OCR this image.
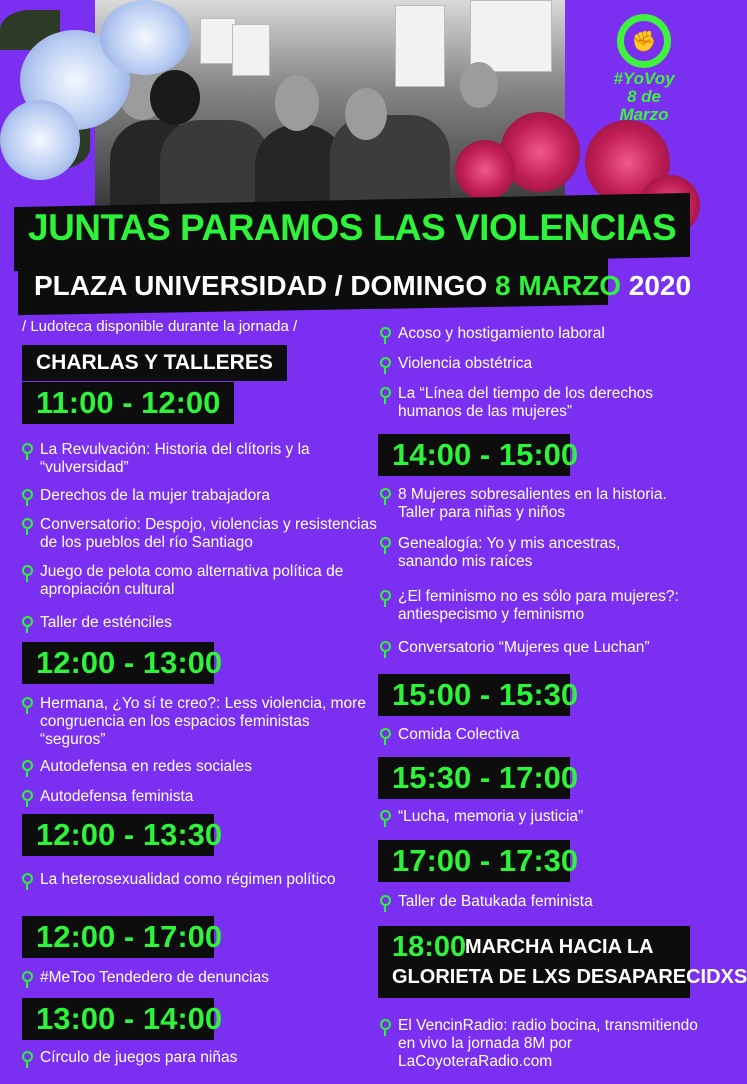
✊
#YoVoy
8 de
Marzo
JUNTAS PARAMOS LAS VIOLENCIAS
PLAZA UNIVERSIDAD / DOMINGO 8 MARZO 2020
/ Ludoteca disponible durante la jornada /
CHARLAS Y TALLERES
11:00 - 12:00
La Revulvación: Historia del clítoris y la “vulversidad”
Derechos de la mujer trabajadora
Conversatorio: Despojo, violencias y resistencias de los pueblos del río Santiago
Juego de pelota como alternativa política de apropiación cultural
Taller de esténciles
12:00 - 13:00
Hermana, ¿Yo sí te creo?: Less violencia, more congruencia en los espacios feministas “seguros”
Autodefensa en redes sociales
Autodefensa feminista
12:00 - 13:30
La heterosexualidad como régimen político
12:00 - 17:00
#MeToo Tendedero de denuncias
13:00 - 14:00
Círculo de juegos para niñas
Acoso y hostigamiento laboral
Violencia obstétrica
La “Línea del tiempo de los derechos humanos de las mujeres”
14:00 - 15:00
8 Mujeres sobresalientes en la historia. Taller para niñas y niños
Genealogía: Yo y mis ancestras, sanando mis raíces
¿El feminismo no es sólo para mujeres?: antiespecismo y feminismo
Conversatorio “Mujeres que Luchan”
15:00 - 15:30
Comida Colectiva
15:30 - 17:00
“Lucha, memoria y justicia”
17:00 - 17:30
Taller de Batukada feminista
18:00
MARCHA HACIA LA
GLORIETA DE LXS DESAPARECIDXS
El VencinRadio: radio bocina, transmitiendo en vivo la jornada 8M por LaCoyoteraRadio.com
